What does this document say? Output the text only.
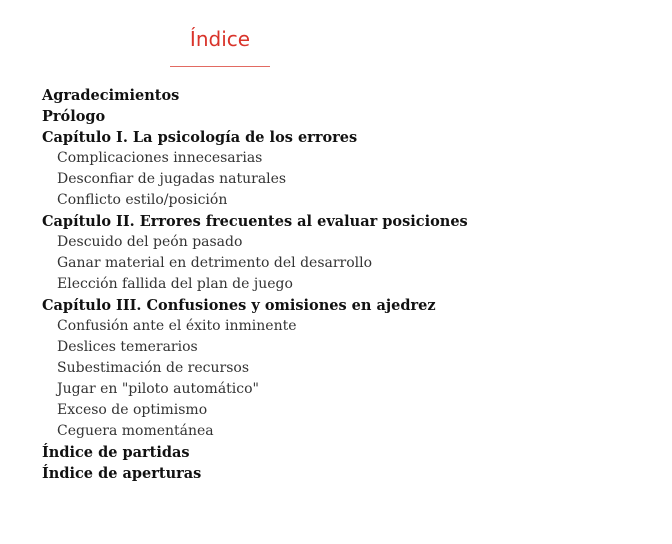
Índice
Agradecimientos
Prólogo
Capítulo I. La psicología de los errores
Complicaciones innecesarias
Desconfiar de jugadas naturales
Conflicto estilo/posición
Capítulo II. Errores frecuentes al evaluar posiciones
Descuido del peón pasado
Ganar material en detrimento del desarrollo
Elección fallida del plan de juego
Capítulo III. Confusiones y omisiones en ajedrez
Confusión ante el éxito inminente
Deslices temerarios
Subestimación de recursos
Jugar en "piloto automático"
Exceso de optimismo
Ceguera momentánea
Índice de partidas
Índice de aperturas
